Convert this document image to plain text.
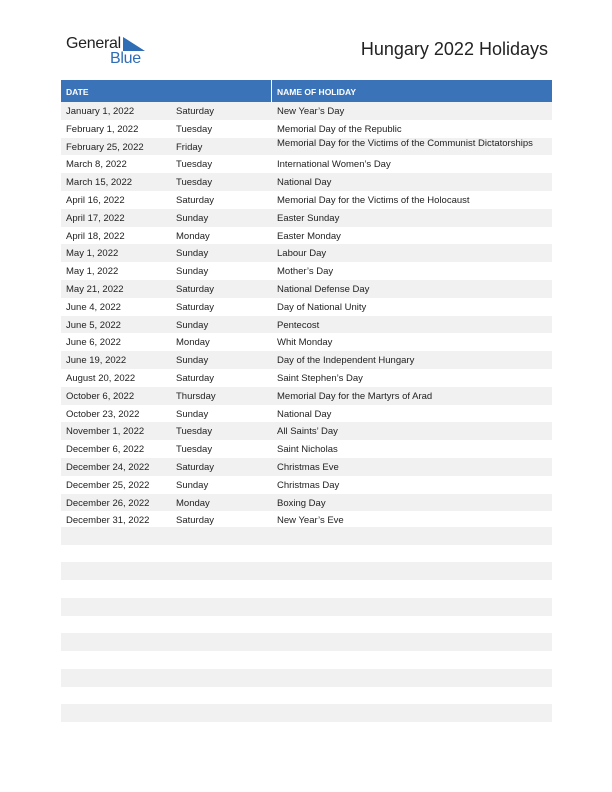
General
Blue	Hungary 2022 Holidays
DATE	NAME OF HOLIDAY
January 1, 2022	Saturday	New Year’s Day
February 1, 2022	Tuesday	Memorial Day of the Republic
February 25, 2022	Friday	Memorial Day for the Victims of the Communist Dictatorships
March 8, 2022	Tuesday	International Women’s Day
March 15, 2022	Tuesday	National Day
April 16, 2022	Saturday	Memorial Day for the Victims of the Holocaust
April 17, 2022	Sunday	Easter Sunday
April 18, 2022	Monday	Easter Monday
May 1, 2022	Sunday	Labour Day
May 1, 2022	Sunday	Mother’s Day
May 21, 2022	Saturday	National Defense Day
June 4, 2022	Saturday	Day of National Unity
June 5, 2022	Sunday	Pentecost
June 6, 2022	Monday	Whit Monday
June 19, 2022	Sunday	Day of the Independent Hungary
August 20, 2022	Saturday	Saint Stephen’s Day
October 6, 2022	Thursday	Memorial Day for the Martyrs of Arad
October 23, 2022	Sunday	National Day
November 1, 2022	Tuesday	All Saints’ Day
December 6, 2022	Tuesday	Saint Nicholas
December 24, 2022	Saturday	Christmas Eve
December 25, 2022	Sunday	Christmas Day
December 26, 2022	Monday	Boxing Day
December 31, 2022	Saturday	New Year’s Eve
